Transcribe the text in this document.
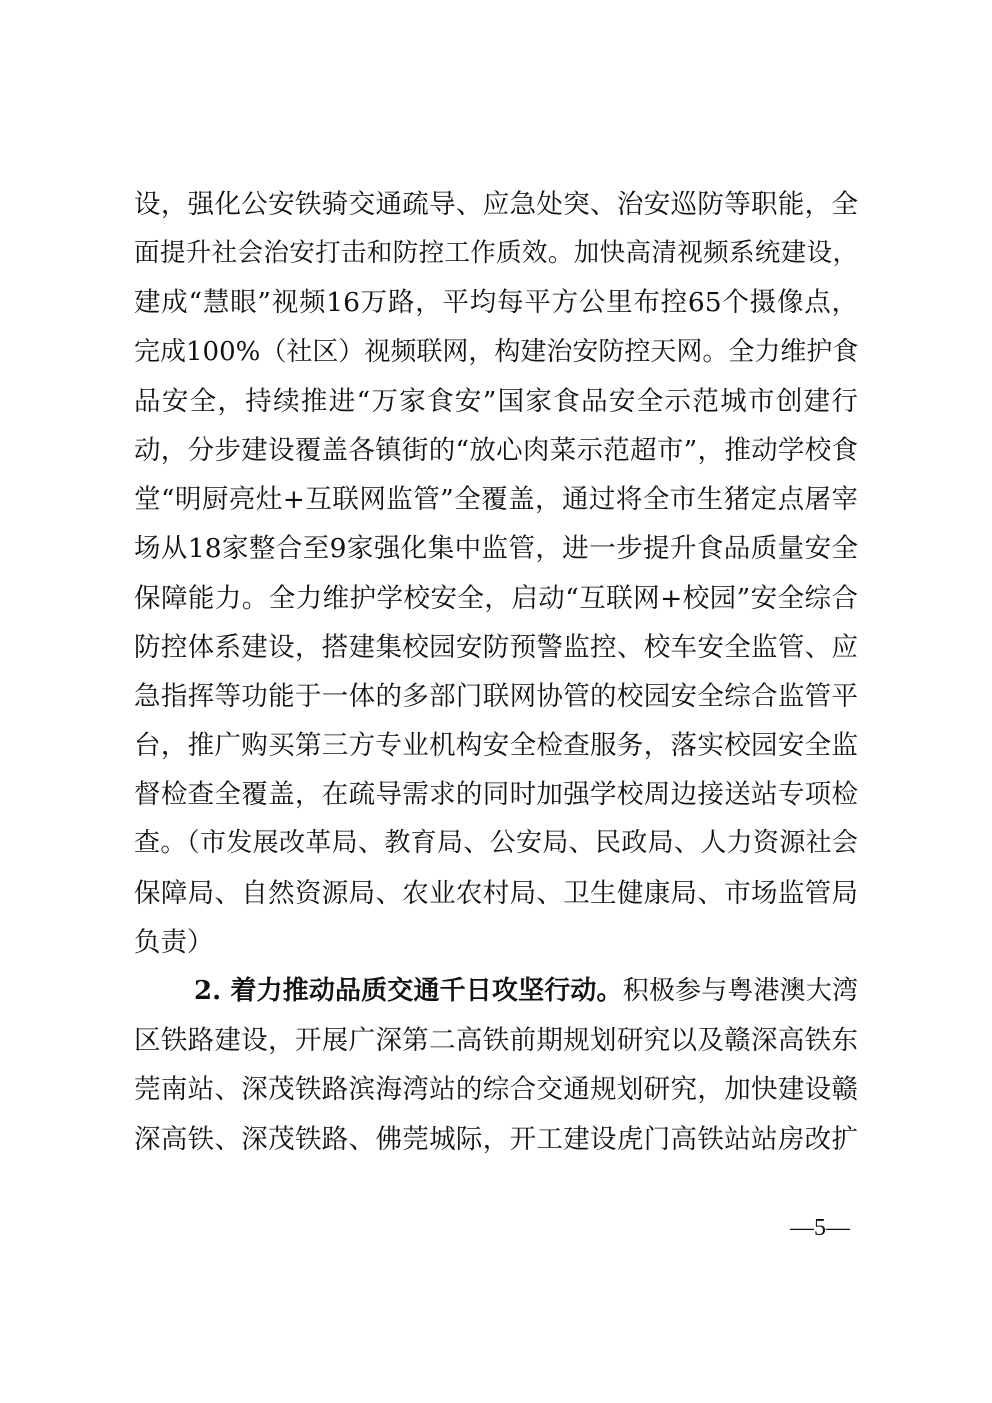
设，强化公安铁骑交通疏导、应急处突、治安巡防等职能，全
面提升社会治安打击和防控工作质效。加快高清视频系统建设，
建成“慧眼”视频16万路，平均每平方公里布控65个摄像点，
完成100%（社区）视频联网，构建治安防控天网。全力维护食
品安全，持续推进“万家食安”国家食品安全示范城市创建行
动，分步建设覆盖各镇街的“放心肉菜示范超市”，推动学校食
堂“明厨亮灶+互联网监管”全覆盖，通过将全市生猪定点屠宰
场从18家整合至9家强化集中监管，进一步提升食品质量安全
保障能力。全力维护学校安全，启动“互联网+校园”安全综合
防控体系建设，搭建集校园安防预警监控、校车安全监管、应
急指挥等功能于一体的多部门联网协管的校园安全综合监管平
台，推广购买第三方专业机构安全检查服务，落实校园安全监
督检查全覆盖，在疏导需求的同时加强学校周边接送站专项检
查。（市发展改革局、教育局、公安局、民政局、人力资源社会
保障局、自然资源局、农业农村局、卫生健康局、市场监管局
负责）
2. 着力推动品质交通千日攻坚行动。积极参与粤港澳大湾
区铁路建设，开展广深第二高铁前期规划研究以及赣深高铁东
莞南站、深茂铁路滨海湾站的综合交通规划研究，加快建设赣
深高铁、深茂铁路、佛莞城际，开工建设虎门高铁站站房改扩
—5—
